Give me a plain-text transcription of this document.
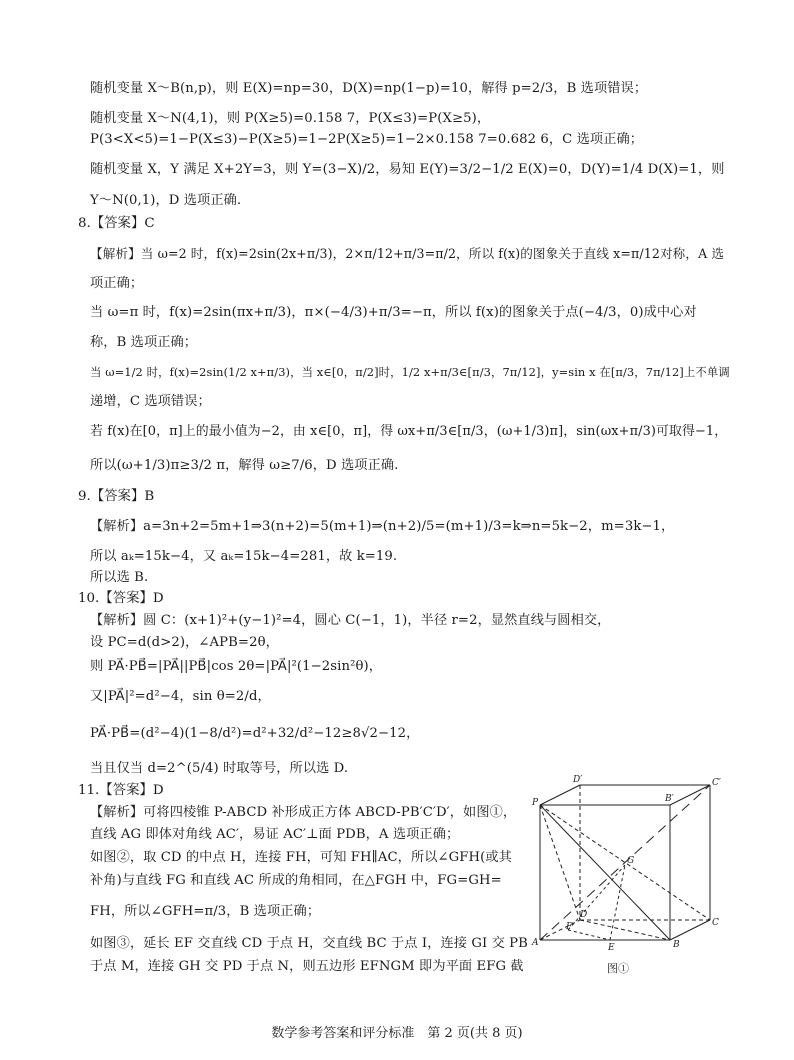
8.【答案】C
9.【答案】B
10.【答案】D
11.【答案】D
随机变量 X～B(n,p)，则 E(X)=np=30，D(X)=np(1−p)=10，解得 p=2/3，B 选项错误；
随机变量 X～N(4,1)，则 P(X≥5)=0.158 7，P(X≤3)=P(X≥5)，
P(3<X<5)=1−P(X≤3)−P(X≥5)=1−2P(X≥5)=1−2×0.158 7=0.682 6，C 选项正确；
随机变量 X，Y 满足 X+2Y=3，则 Y=(3−X)/2，易知 E(Y)=3/2−1/2 E(X)=0，D(Y)=1/4 D(X)=1，则
Y～N(0,1)，D 选项正确.
【解析】当 ω=2 时，f(x)=2sin(2x+π/3)，2×π/12+π/3=π/2，所以 f(x)的图象关于直线 x=π/12对称，A 选
项正确；
当 ω=π 时，f(x)=2sin(πx+π/3)，π×(−4/3)+π/3=−π，所以 f(x)的图象关于点(−4/3，0)成中心对
称，B 选项正确；
当 ω=1/2 时，f(x)=2sin(1/2 x+π/3)，当 x∈[0，π/2]时，1/2 x+π/3∈[π/3，7π/12]，y=sin x 在[π/3，7π/12]上不单调
递增，C 选项错误；
若 f(x)在[0，π]上的最小值为−2，由 x∈[0，π]，得 ωx+π/3∈[π/3，(ω+1/3)π]，sin(ωx+π/3)可取得−1，
所以(ω+1/3)π≥3/2 π，解得 ω≥7/6，D 选项正确.
【解析】a=3n+2=5m+1⇒3(n+2)=5(m+1)⇒(n+2)/5=(m+1)/3=k⇒n=5k−2，m=3k−1，
所以 aₖ=15k−4，又 aₖ=15k−4=281，故 k=19.
所以选 B.
【解析】圆 C：(x+1)²+(y−1)²=4，圆心 C(−1，1)，半径 r=2，显然直线与圆相交，
设 PC=d(d>2)，∠APB=2θ，
则 PA⃗·PB⃗=|PA⃗||PB⃗|cos 2θ=|PA⃗|²(1−2sin²θ)，
又|PA⃗|²=d²−4，sin θ=2/d，
PA⃗·PB⃗=(d²−4)(1−8/d²)=d²+32/d²−12≥8√2−12，
当且仅当 d=2^(5/4) 时取等号，所以选 D.
【解析】可将四棱锥 P-ABCD 补形成正方体 ABCD-PB′C′D′，如图①，
直线 AG 即体对角线 AC′，易证 AC′⊥面 PDB，A 选项正确；
如图②，取 CD 的中点 H，连接 FH，可知 FH∥AC，所以∠GFH(或其
补角)与直线 FG 和直线 AC 所成的角相同，在△FGH 中，FG=GH=
FH，所以∠GFH=π/3，B 选项正确；
如图③，延长 EF 交直线 CD 于点 H，交直线 BC 于点 I，连接 GI 交 PB
于点 M，连接 GH 交 PD 于点 N，则五边形 EFNGM 即为平面 EFG 截
P
D′
B′
C′
G
D
F
A	E	B
C
图①
数学参考答案和评分标准　第 2 页(共 8 页)
